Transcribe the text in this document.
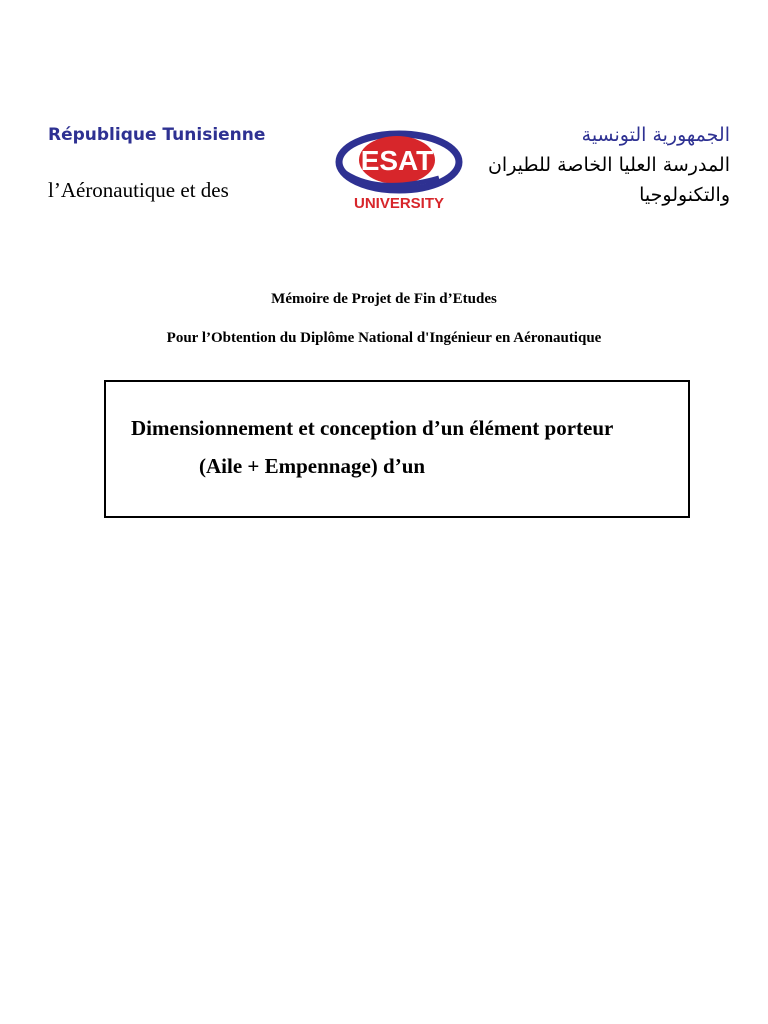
République Tunisienne
l’Aéronautique et des
ESAT
UNIVERSITY
الجمهورية التونسية
المدرسة العليا الخاصة للطيران
والتكنولوجيا
Mémoire de Projet de Fin d’Etudes
Pour l’Obtention du Diplôme National d'Ingénieur en Aéronautique
Dimensionnement et conception d’un élément porteur
(Aile + Empennage) d’un
